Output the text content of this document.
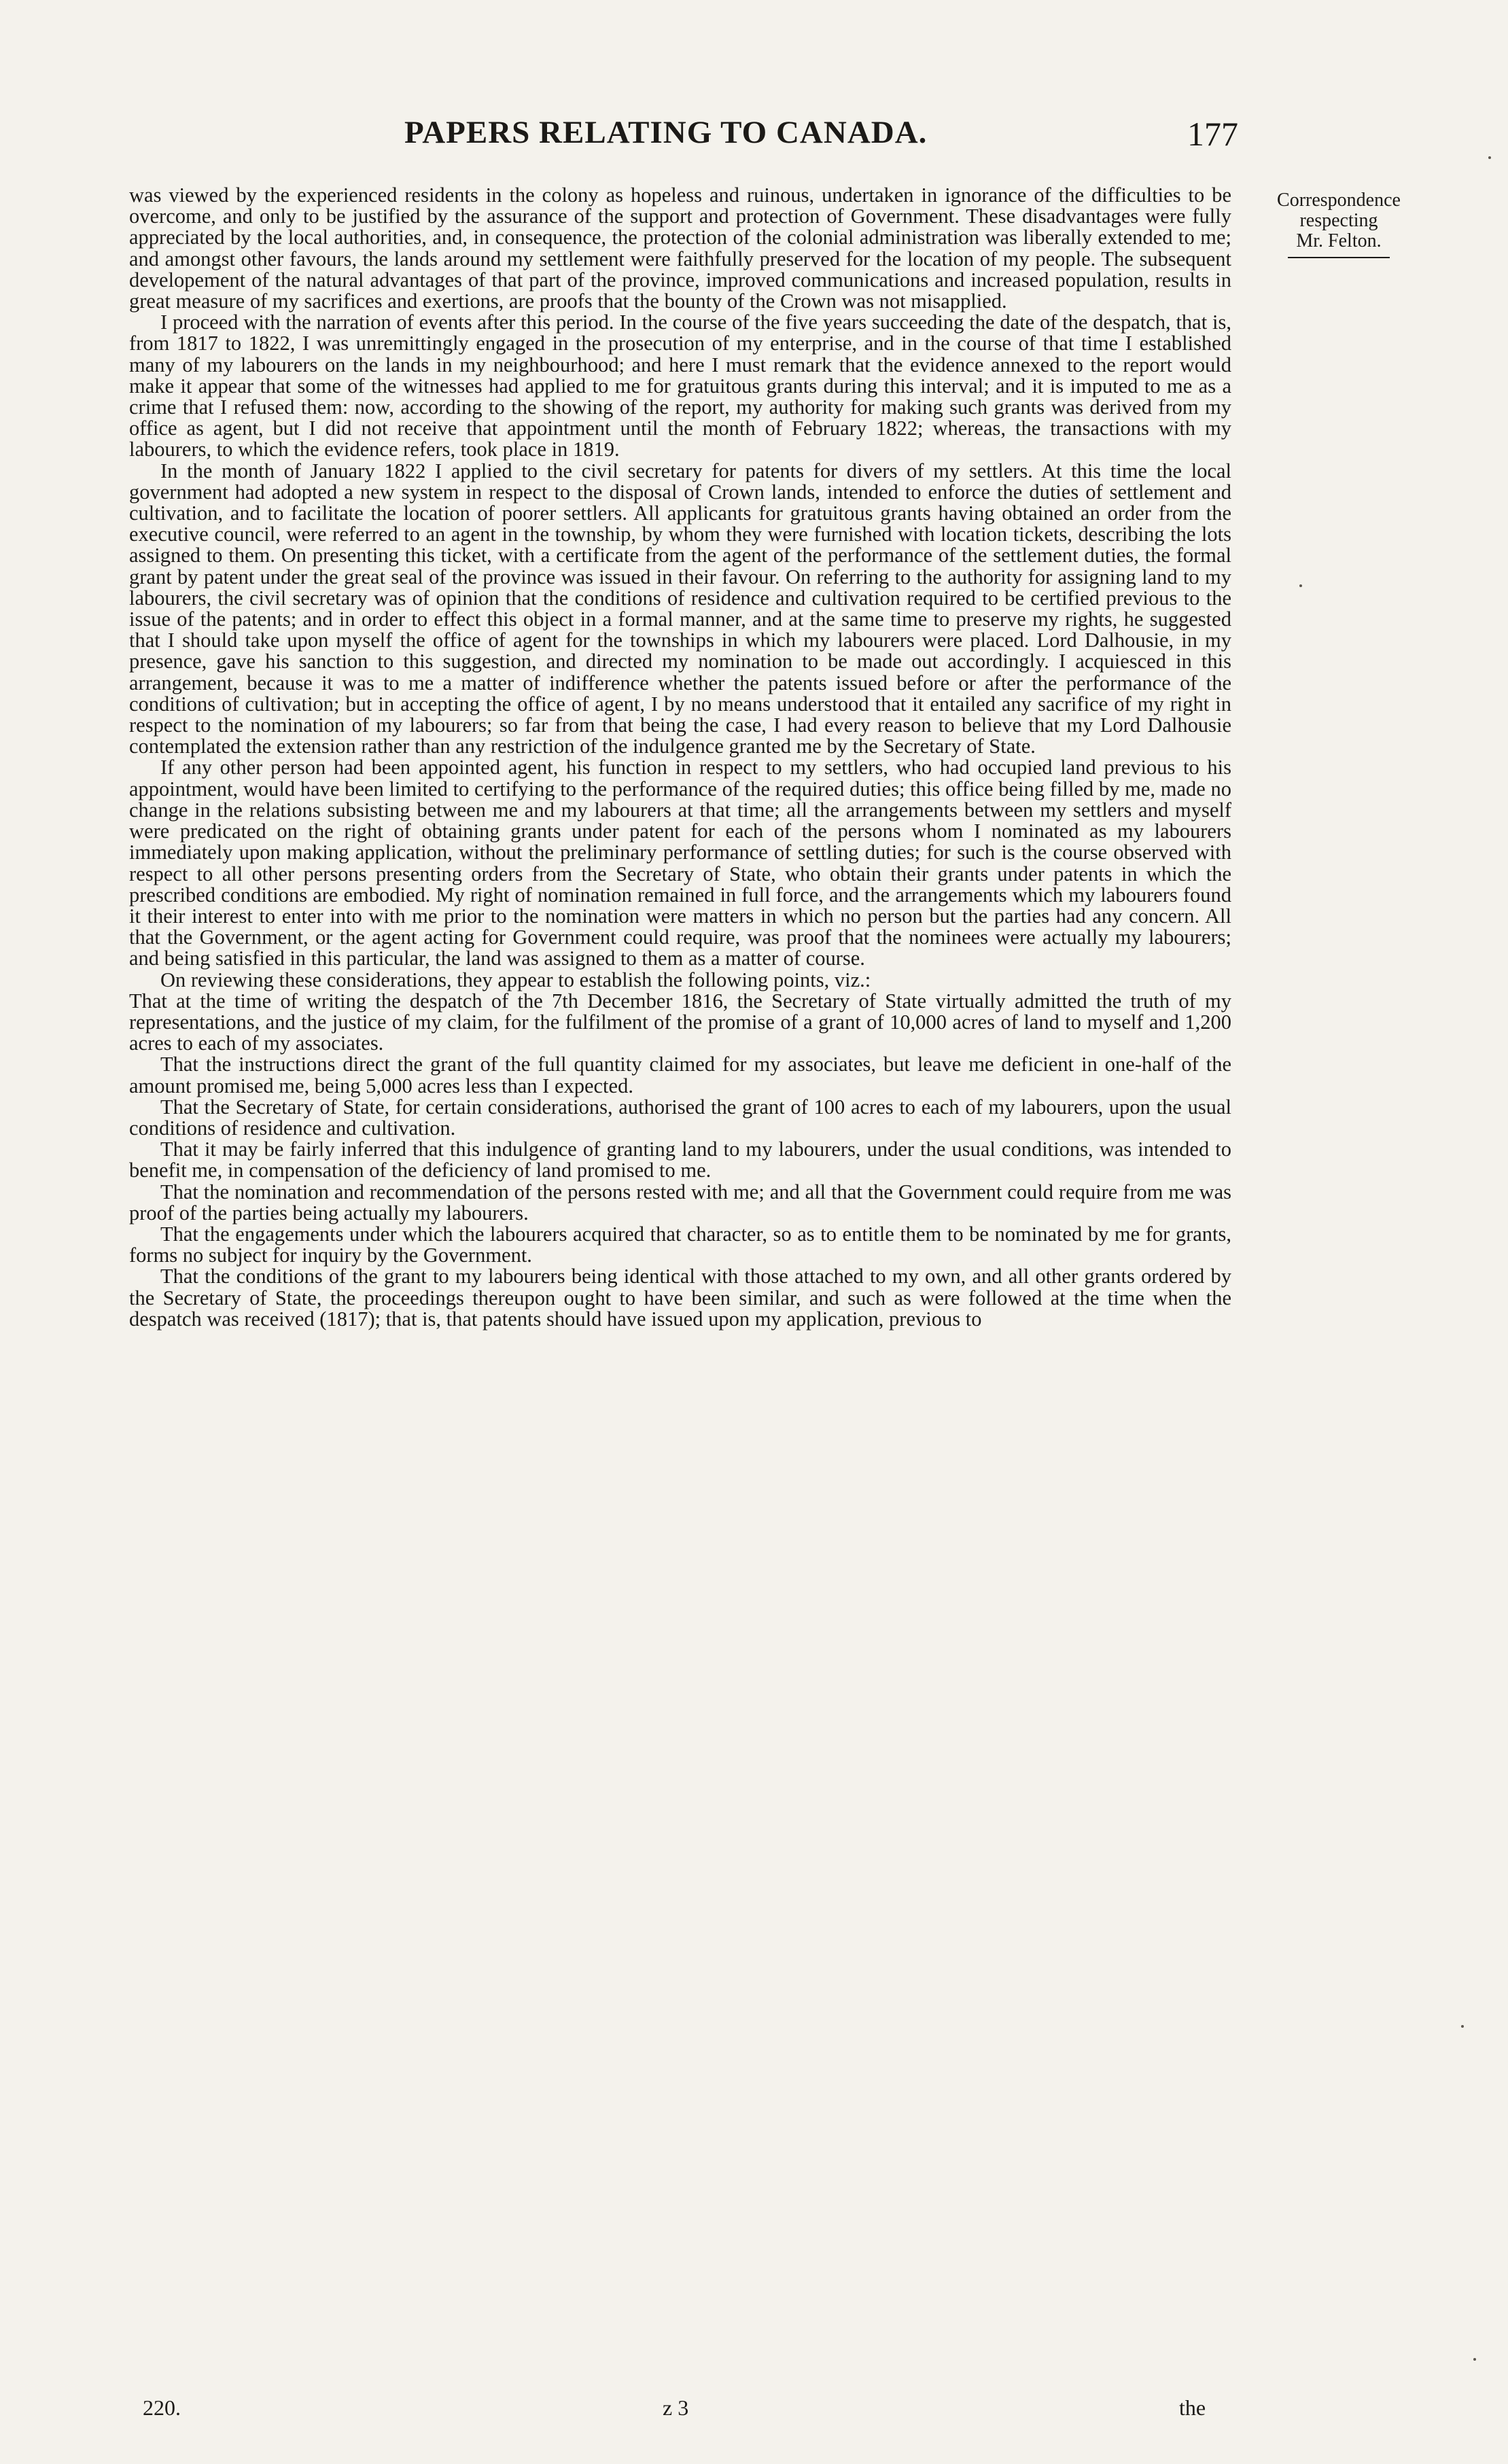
PAPERS RELATING TO CANADA.	177
Correspondence
respecting
Mr. Felton.

was viewed by the experienced residents in the colony as hopeless and ruinous, undertaken in ignorance of the difficulties to be overcome, and only to be justified by the assurance of the support and protection of Government. These disadvantages were fully appreciated by the local authorities, and, in consequence, the protection of the colonial administration was liberally extended to me; and amongst other favours, the lands around my settlement were faithfully preserved for the location of my people. The subsequent developement of the natural advantages of that part of the province, improved communications and increased population, results in great measure of my sacrifices and exertions, are proofs that the bounty of the Crown was not misapplied.

I proceed with the narration of events after this period. In the course of the five years succeeding the date of the despatch, that is, from 1817 to 1822, I was unremittingly engaged in the prosecution of my enterprise, and in the course of that time I established many of my labourers on the lands in my neighbourhood; and here I must remark that the evidence annexed to the report would make it appear that some of the witnesses had applied to me for gratuitous grants during this interval; and it is imputed to me as a crime that I refused them: now, according to the showing of the report, my authority for making such grants was derived from my office as agent, but I did not receive that appointment until the month of February 1822; whereas, the transactions with my labourers, to which the evidence refers, took place in 1819.

In the month of January 1822 I applied to the civil secretary for patents for divers of my settlers. At this time the local government had adopted a new system in respect to the disposal of Crown lands, intended to enforce the duties of settlement and cultivation, and to facilitate the location of poorer settlers. All applicants for gratuitous grants having obtained an order from the executive council, were referred to an agent in the township, by whom they were furnished with location tickets, describing the lots assigned to them. On presenting this ticket, with a certificate from the agent of the performance of the settlement duties, the formal grant by patent under the great seal of the province was issued in their favour. On referring to the authority for assigning land to my labourers, the civil secretary was of opinion that the conditions of residence and cultivation required to be certified previous to the issue of the patents; and in order to effect this object in a formal manner, and at the same time to preserve my rights, he suggested that I should take upon myself the office of agent for the townships in which my labourers were placed. Lord Dalhousie, in my presence, gave his sanction to this suggestion, and directed my nomination to be made out accordingly. I acquiesced in this arrangement, because it was to me a matter of indifference whether the patents issued before or after the performance of the conditions of cultivation; but in accepting the office of agent, I by no means understood that it entailed any sacrifice of my right in respect to the nomination of my labourers; so far from that being the case, I had every reason to believe that my Lord Dalhousie contemplated the extension rather than any restriction of the indulgence granted me by the Secretary of State.

If any other person had been appointed agent, his function in respect to my settlers, who had occupied land previous to his appointment, would have been limited to certifying to the performance of the required duties; this office being filled by me, made no change in the relations subsisting between me and my labourers at that time; all the arrangements between my settlers and myself were predicated on the right of obtaining grants under patent for each of the persons whom I nominated as my labourers immediately upon making application, without the preliminary performance of settling duties; for such is the course observed with respect to all other persons presenting orders from the Secretary of State, who obtain their grants under patents in which the prescribed conditions are embodied. My right of nomination remained in full force, and the arrangements which my labourers found it their interest to enter into with me prior to the nomination were matters in which no person but the parties had any concern. All that the Government, or the agent acting for Government could require, was proof that the nominees were actually my labourers; and being satisfied in this particular, the land was assigned to them as a matter of course.

On reviewing these considerations, they appear to establish the following points, viz.:

That at the time of writing the despatch of the 7th December 1816, the Secretary of State virtually admitted the truth of my representations, and the justice of my claim, for the fulfilment of the promise of a grant of 10,000 acres of land to myself and 1,200 acres to each of my associates.

That the instructions direct the grant of the full quantity claimed for my associates, but leave me deficient in one-half of the amount promised me, being 5,000 acres less than I expected.

That the Secretary of State, for certain considerations, authorised the grant of 100 acres to each of my labourers, upon the usual conditions of residence and cultivation.

That it may be fairly inferred that this indulgence of granting land to my labourers, under the usual conditions, was intended to benefit me, in compensation of the deficiency of land promised to me.

That the nomination and recommendation of the persons rested with me; and all that the Government could require from me was proof of the parties being actually my labourers.

That the engagements under which the labourers acquired that character, so as to entitle them to be nominated by me for grants, forms no subject for inquiry by the Government.

That the conditions of the grant to my labourers being identical with those attached to my own, and all other grants ordered by the Secretary of State, the proceedings thereupon ought to have been similar, and such as were followed at the time when the despatch was received (1817); that is, that patents should have issued upon my application, previous to

220.	z 3	the
